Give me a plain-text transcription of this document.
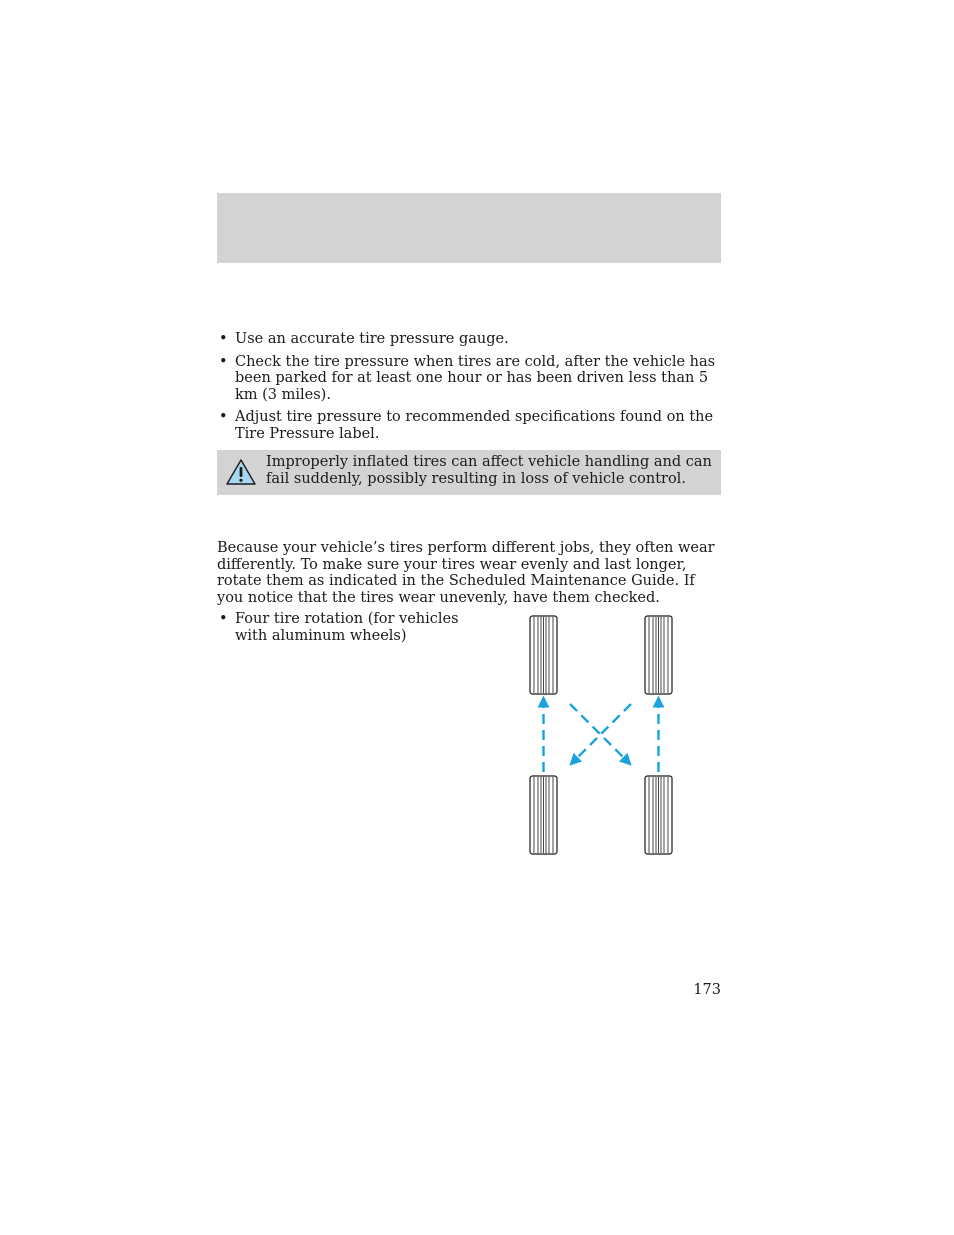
• Use an accurate tire pressure gauge.
• Check the tire pressure when tires are cold, after the vehicle has been parked for at least one hour or has been driven less than 5 km (3 miles).
• Adjust tire pressure to recommended specifications found on the Tire Pressure label.
Improperly inflated tires can affect vehicle handling and can fail suddenly, possibly resulting in loss of vehicle control.

Because your vehicle’s tires perform different jobs, they often wear differently. To make sure your tires wear evenly and last longer, rotate them as indicated in the Scheduled Maintenance Guide. If you notice that the tires wear unevenly, have them checked.

• Four tire rotation (for vehicles with aluminum wheels)
173
